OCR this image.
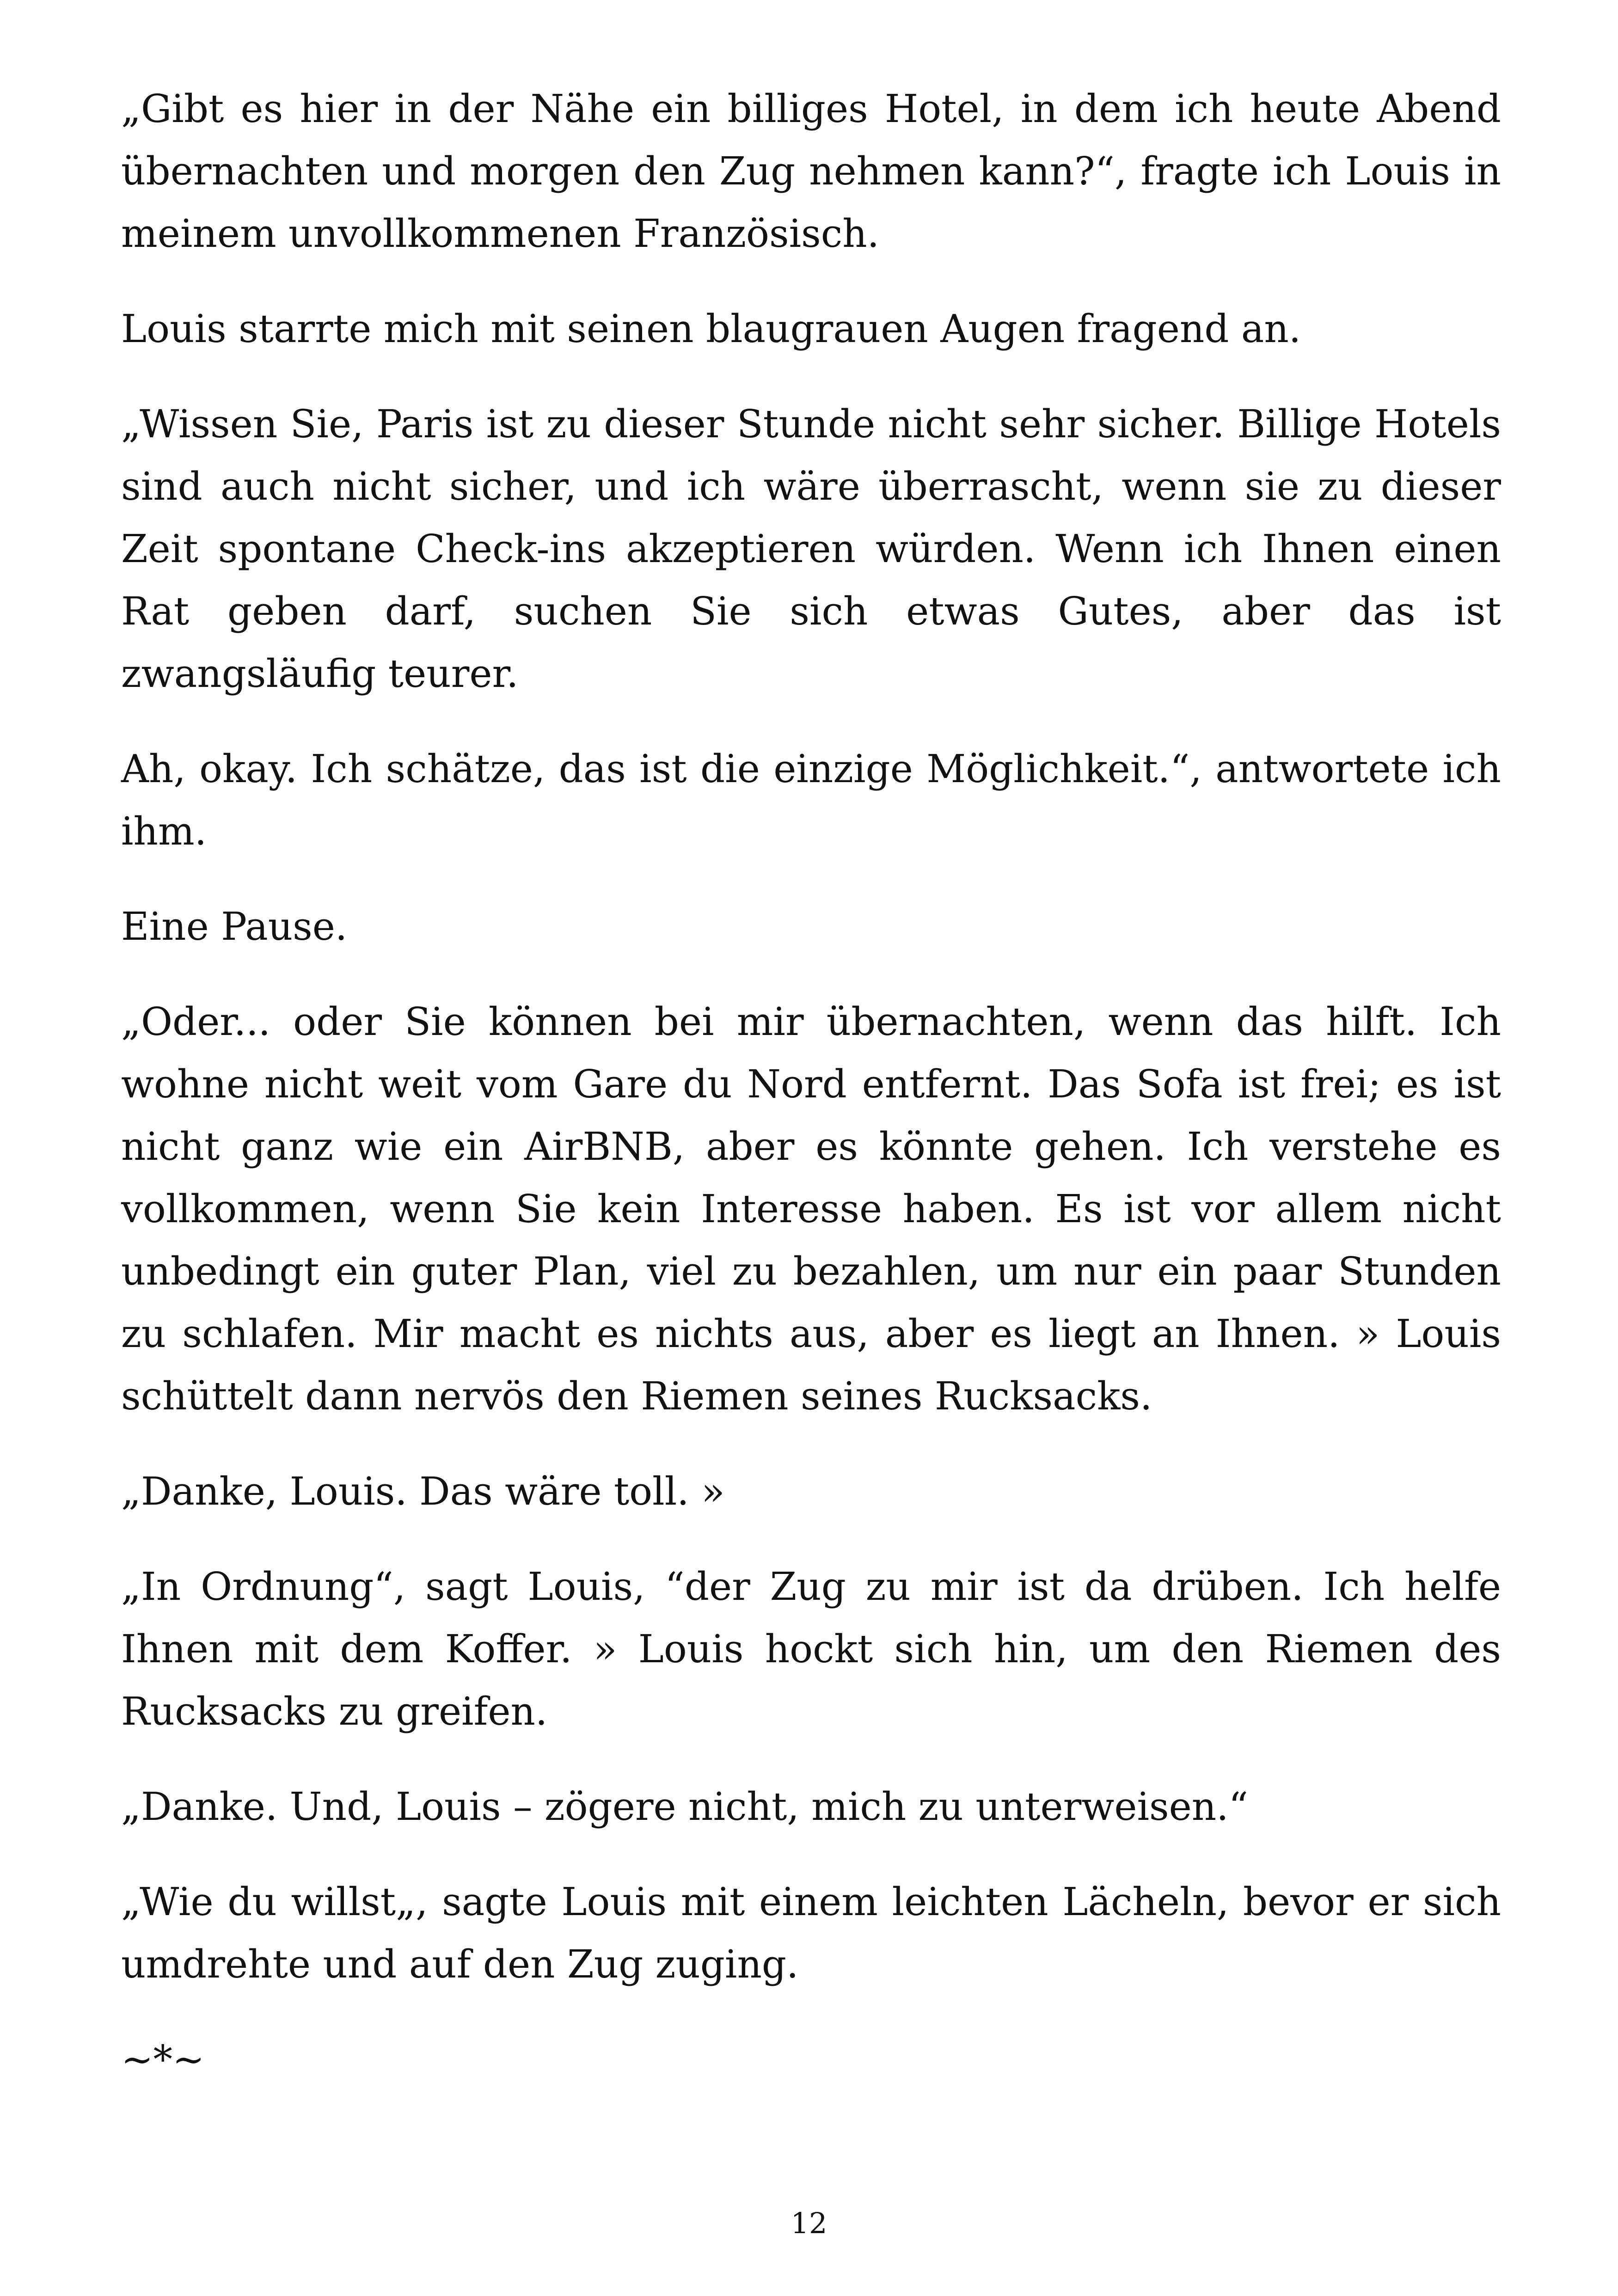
„Gibt es hier in der Nähe ein billiges Hotel, in dem ich heute Abend übernachten und morgen den Zug nehmen kann?“, fragte ich Louis in meinem unvollkommenen Französisch.

Louis starrte mich mit seinen blaugrauen Augen fragend an.

„Wissen Sie, Paris ist zu dieser Stunde nicht sehr sicher. Billige Hotels sind auch nicht sicher, und ich wäre überrascht, wenn sie zu dieser Zeit spontane Check-ins akzeptieren würden. Wenn ich Ihnen einen Rat geben darf, suchen Sie sich etwas Gutes, aber das ist zwangsläufig teurer.

Ah, okay. Ich schätze, das ist die einzige Möglichkeit.“, antwortete ich ihm.

Eine Pause.

„Oder... oder Sie können bei mir übernachten, wenn das hilft. Ich wohne nicht weit vom Gare du Nord entfernt. Das Sofa ist frei; es ist nicht ganz wie ein AirBNB, aber es könnte gehen. Ich verstehe es vollkommen, wenn Sie kein Interesse haben. Es ist vor allem nicht unbedingt ein guter Plan, viel zu bezahlen, um nur ein paar Stunden zu schlafen. Mir macht es nichts aus, aber es liegt an Ihnen. » Louis schüttelt dann nervös den Riemen seines Rucksacks.

„Danke, Louis. Das wäre toll. »

„In Ordnung“, sagt Louis, “der Zug zu mir ist da drüben. Ich helfe Ihnen mit dem Koffer. » Louis hockt sich hin, um den Riemen des Rucksacks zu greifen.

„Danke. Und, Louis – zögere nicht, mich zu unterweisen.“

„Wie du willst„, sagte Louis mit einem leichten Lächeln, bevor er sich umdrehte und auf den Zug zuging.

~*~

12
